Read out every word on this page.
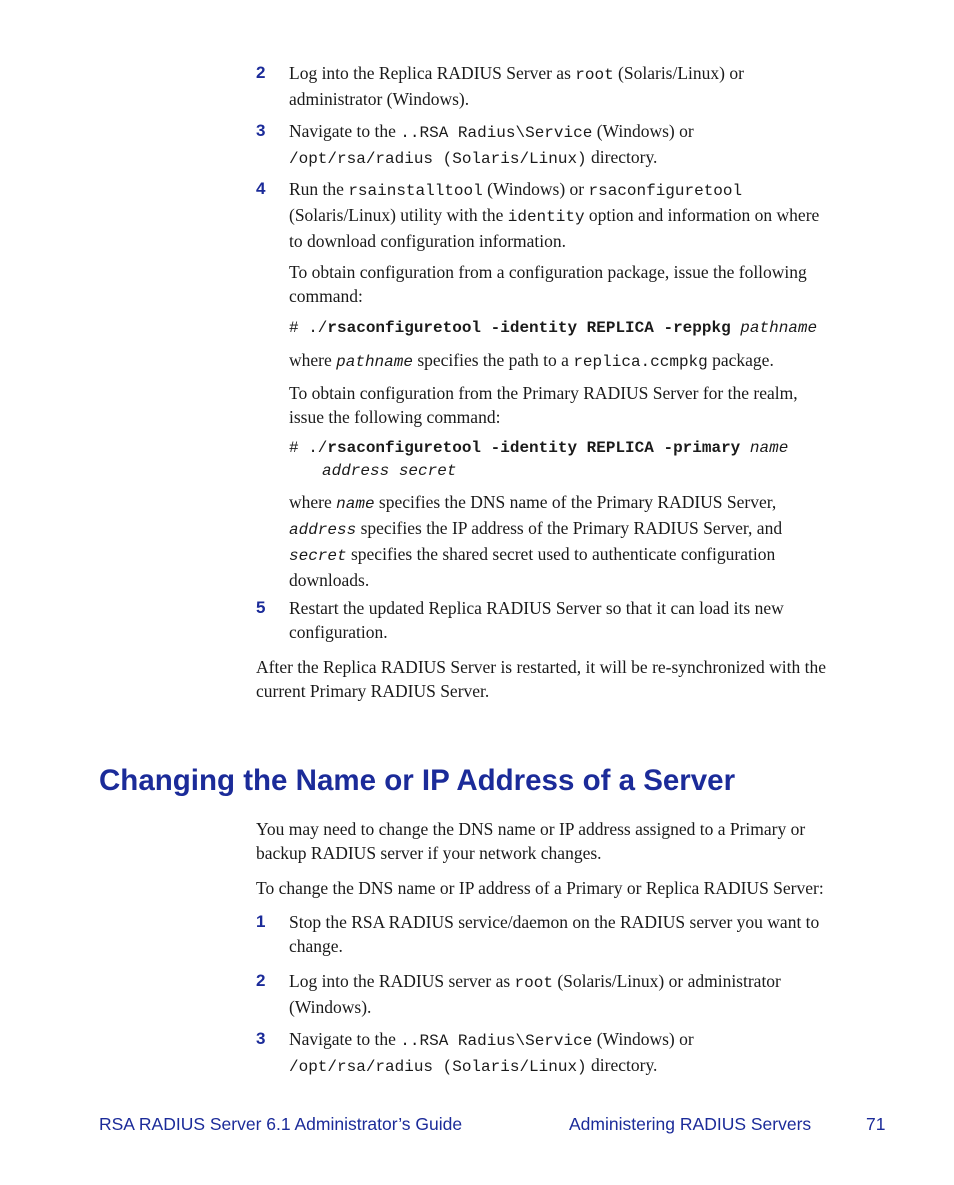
2 Log into the Replica RADIUS Server as root (Solaris/Linux) or
administrator (Windows).
3 Navigate to the ..RSA Radius\Service (Windows) or
/opt/rsa/radius (Solaris/Linux) directory.
4 Run the rsainstalltool (Windows) or rsaconfiguretool
(Solaris/Linux) utility with the identity option and information on where
to download configuration information.
To obtain configuration from a configuration package, issue the following
command:
# ./rsaconfiguretool -identity REPLICA -reppkg pathname
where pathname specifies the path to a replica.ccmpkg package.
To obtain configuration from the Primary RADIUS Server for the realm,
issue the following command:
# ./rsaconfiguretool -identity REPLICA -primary name
address secret
where name specifies the DNS name of the Primary RADIUS Server,
address specifies the IP address of the Primary RADIUS Server, and
secret specifies the shared secret used to authenticate configuration
downloads.
5 Restart the updated Replica RADIUS Server so that it can load its new
configuration.
After the Replica RADIUS Server is restarted, it will be re-synchronized with the
current Primary RADIUS Server.
Changing the Name or IP Address of a Server
You may need to change the DNS name or IP address assigned to a Primary or
backup RADIUS server if your network changes.
To change the DNS name or IP address of a Primary or Replica RADIUS Server:
1 Stop the RSA RADIUS service/daemon on the RADIUS server you want to
change.
2 Log into the RADIUS server as root (Solaris/Linux) or administrator
(Windows).
3 Navigate to the ..RSA Radius\Service (Windows) or
/opt/rsa/radius (Solaris/Linux) directory.
RSA RADIUS Server 6.1 Administrator’s Guide	Administering RADIUS Servers	71
